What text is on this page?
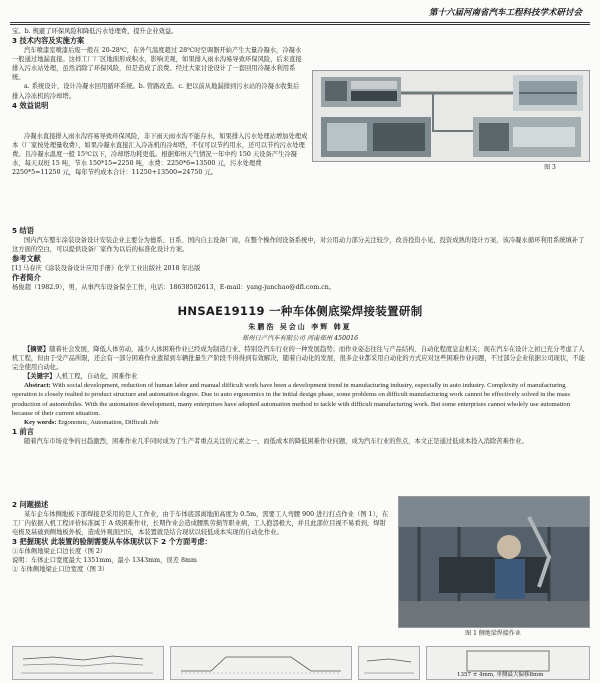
第十六届河南省汽车工程科技学术研讨会

宝。b. 规避了环保风险和降低污水处理费，提升企业效益。

3 技术内容及实施方案

汽车喷漆室喷漆后废一般在 20-28℃，在外气温度超过 28℃时空调器开始产生大量冷凝水，冷凝水一般通过地漏直接。这样工厂厂区地面形成积水，影响美观，如果排入雨水沟易导致环保风险，后来直接排入污水站处理，虽然消除了环保风险，但是造成了浪费。经过大家讨论设计了一套回用冷凝水利用系统。

a. 系统设计，设计冷凝水回用循环系统。b. 管路改造。c. 把以前从地漏排到污水站的冷凝水收集后排入冷冻机的冷却塔。

4 效益说明

图 3

冷凝水直接排入雨水沟容易导致环保风险，非下雨天雨水沟不能存水，如果排入污水处理站增加处理成本（厂家按处理量收费），如果冷凝水直接汇入冷冻机的冷却塔，不仅可以节约用水，还可以节约污水处理费。且冷凝水温度一般 15℃以下，冷却塔功耗更低。根据郑州天气情况一年中约 150 天设备产生冷凝水，每天双班 15 吨，节水 150*15=2250 吨，水费：2250*6=13500 元，污水处理费 2250*5=11250 元，每年节约成本合计：11250+13500=24750 元。

5 结语

国内汽车整车涂装设备设计安装企业主要分为德系、日系、国内自主设备厂商，在整个操作间设备系统中，对公用动力部分关注较少，改善投资小见，投资成熟的设计方案，该冷凝水循环利用系统填补了这方面的空白，可以提供设备厂家作为以后的标准化设计方案。

参考文献

[1] 马春庆《涂装设备设计应用手册》化学工业出版社 2018 年出版

作者简介

杨俊超（1982.9），男，从事汽车设备保全工作，电话：18638502613，E-mail：yang-junchao@dfl.com.cn。

HNSAE19119 一种车体侧底梁焊接装置研制
朱鹏浩 吴会山 李辉 韩夏
郑州日产汽车有限公司 河南郑州 450016

【摘要】随着社会发展，降低人体劳动，减少人体困难作业已经成为制造行业、特别是汽车行业的一种发展趋势；而作业姿态往往与产品结构、自动化程度息息相关；现在汽车在设计之初已充分考虑了人机工程，但由于受产品所限，还会有一部分困难作业遗留到车辆批量生产阶段不得得到有效解决，随着自动化的发展，很多企业都采用自动化的方式应对这些困难作业问题，不过部分企业依据公司现状，不能完全使用自动化。

【关键字】人机工程，自动化，困难作业

Abstract: With social development, reduction of human labor and manual difficult work have been a development trend in manufacturing industry, especially in auto industry. Complexity of manufacturing operation is closely realted to product structure and automation degree. Due to auto ergonomics in the initial design phase, some problems on difficult manufacturing work cannot be effectively solved in the mass production of automobiles. With the automation development, many enterprises have adopted automation method to tackle with difficult manufacturing work. But some enterprises cannot wholely use automation because of their current situation.

Key words: Ergonomic, Automation, Difficult Job

1 前言

随着汽车市场竞争的日趋激烈，困难作业几乎同时成为了生产者重点关注的元素之一，而低成本的降低困难作业问题，成为汽车行业的焦点，本文正是通过低成本投入消除苦难作业。

2 问题描述

某车企车体侧地板下部焊接是采用的是人工作业，由于车体底部离地面高度为 0.5m，需要工人弯腰 900 进行打点作业（图 1），在工厂内依据人机工程评价标准属于 A 级困难作业，长期作业会造成腰肌劳损等职业病，工人抱怨极大，并且此部位目视不易看到，焊钳电极及基础到侧地板外板，造成外观面凹坑，本装置就是结合现状以较低成本实现的自动化作业。

3 把握现状 此装置的验制需要从车体现状以下 2 个方面考虑：

①车体侧地梁止口边长度（图 2）

说明：车体止口宽度最大 1351mm，最小 1343mm，误差 8mm

② 车体侧地梁止口边宽度（图 3）

图 1 侧地梁焊接作业
1357 ± 4mm, 单侧最大偏移8mm
